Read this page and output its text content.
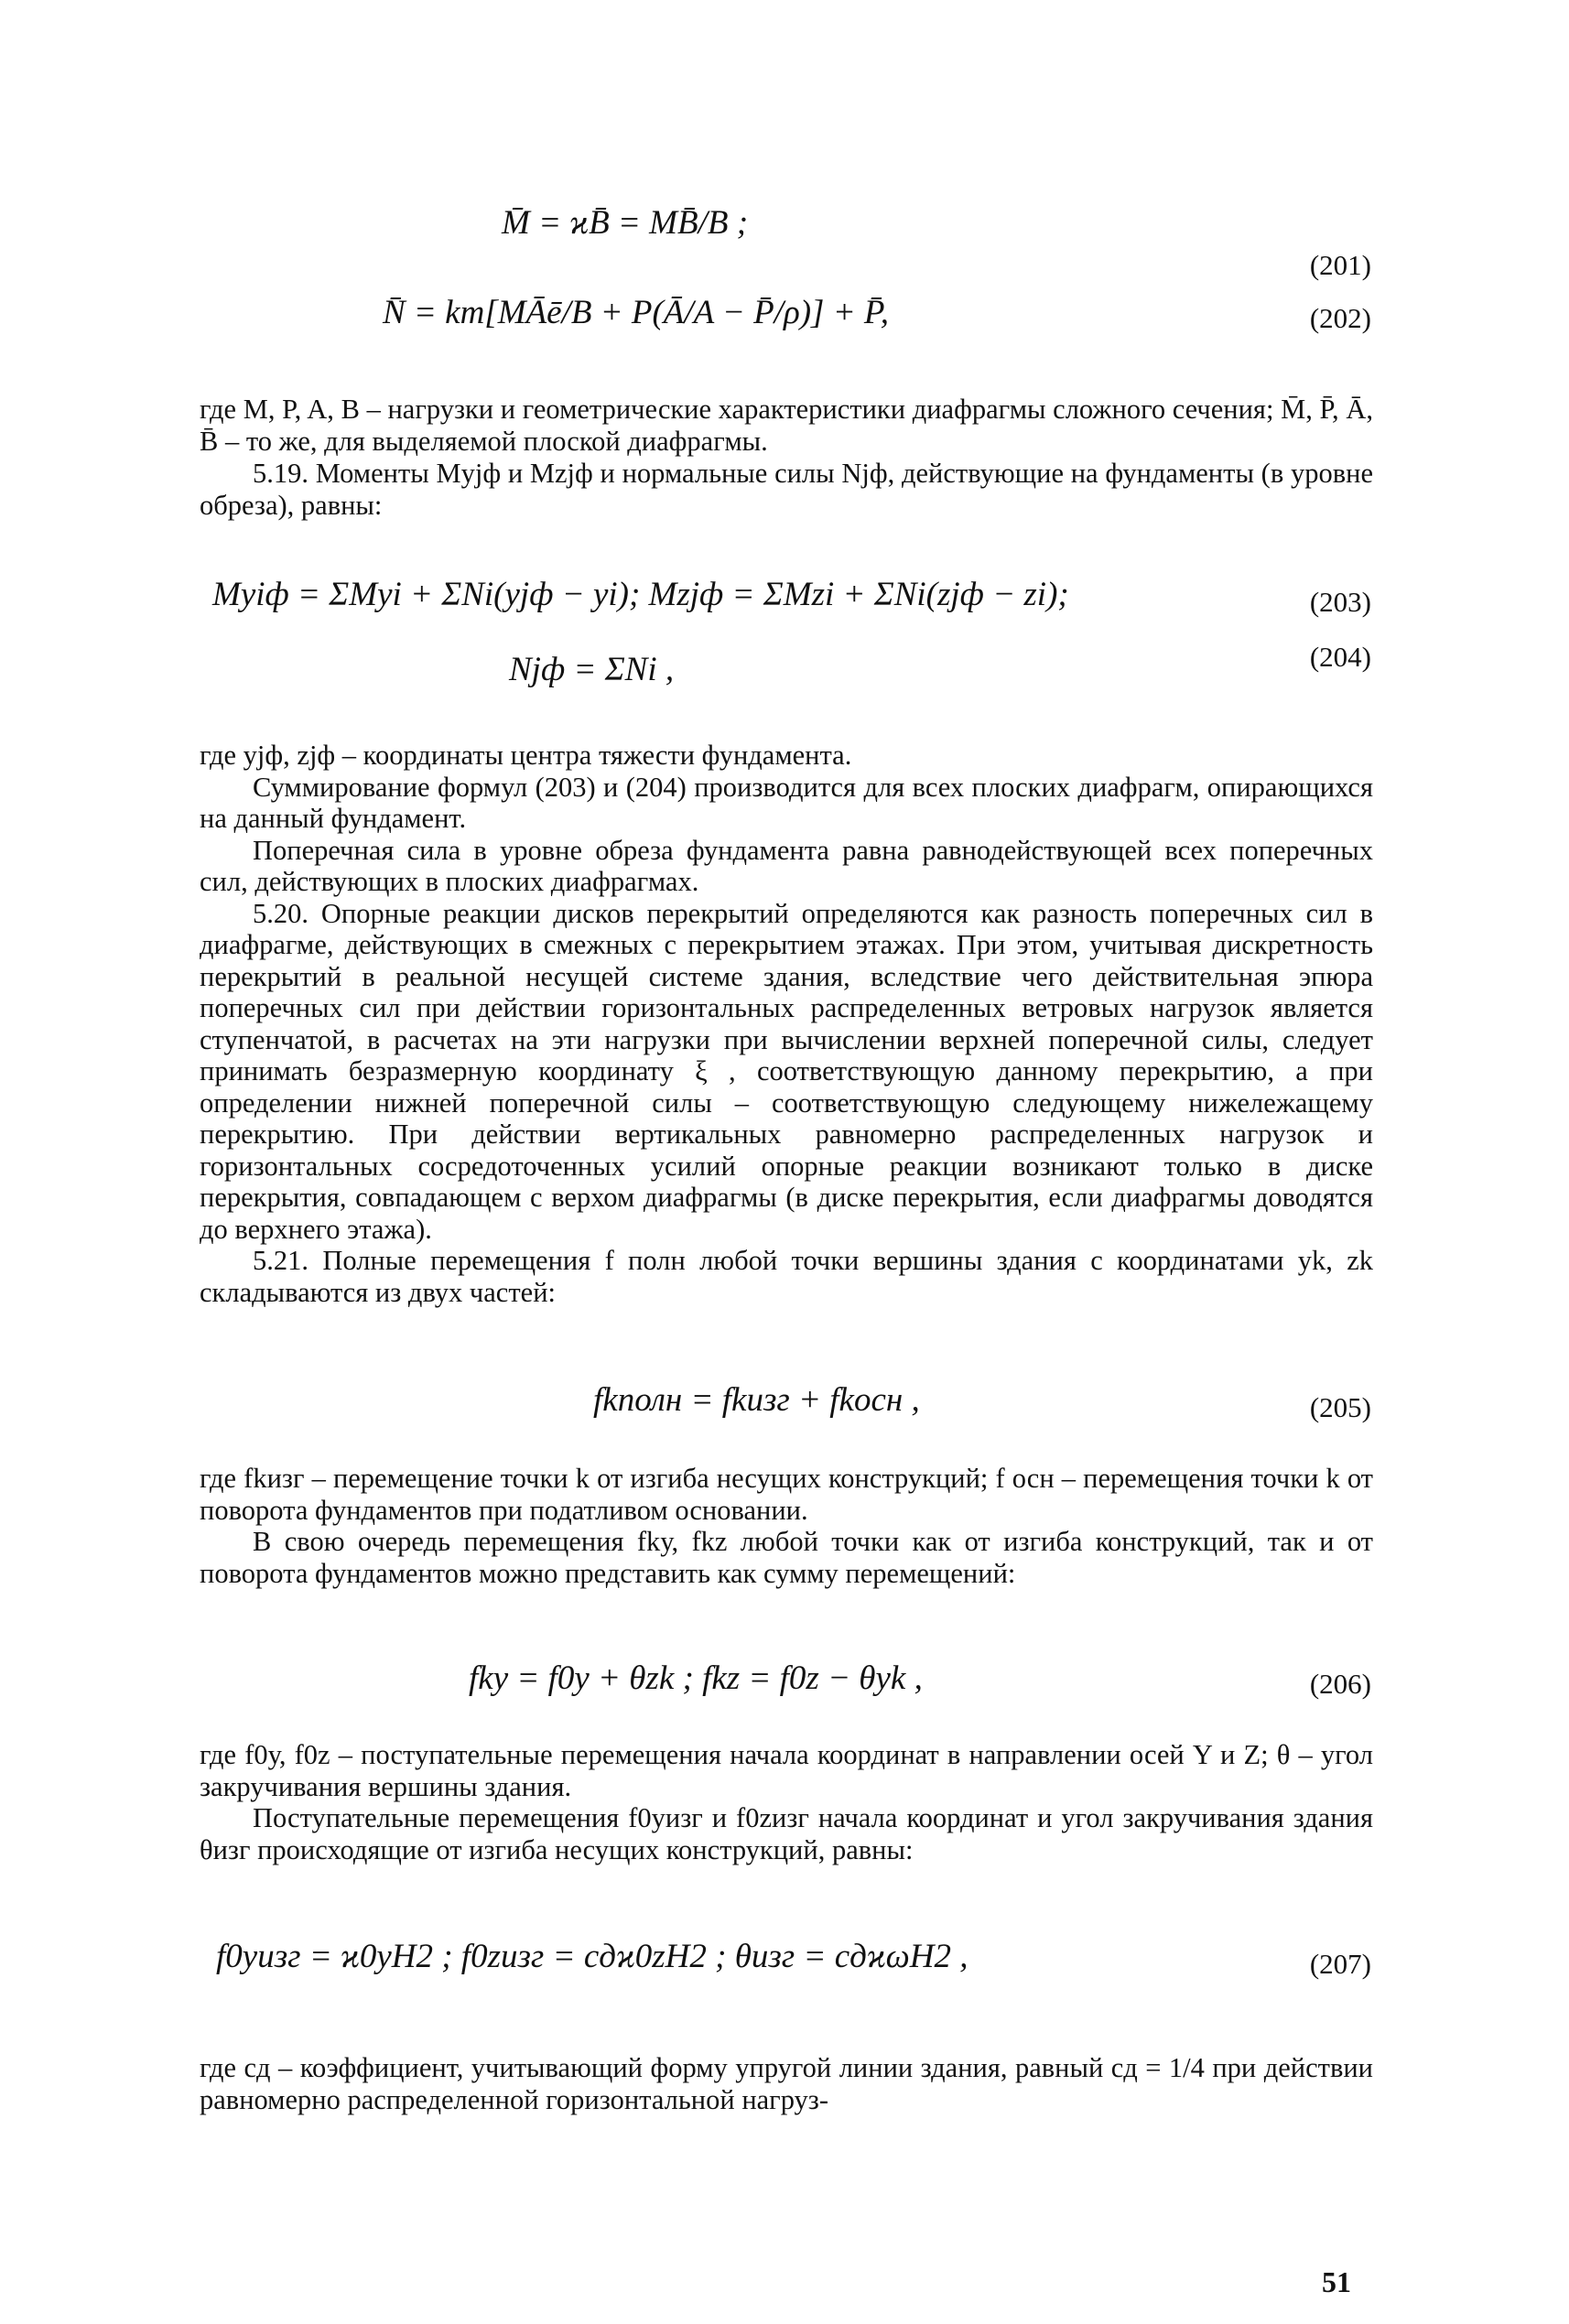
M̄ = ϰB̄ = MB̄/B ;
(201)
N̄ = kт[MĀē/B + P(Ā/A − P̄/ρ)] + P̄,	(202)

где M, P, A, B – нагрузки и геометрические характеристики диафрагмы сложного сечения; M̄, P̄, Ā, B̄ – то же, для выделяемой плоской диафрагмы.

5.19. Моменты Mуjф и Mzjф и нормальные силы Njф, действующие на фундаменты (в уровне обреза), равны:

Mуiф = ΣMуi + ΣNi(уjф − уi); Mzjф = ΣMzi + ΣNi(zjф − zi);	(203)
Njф = ΣNi ,	(204)

где уjф, zjф – координаты центра тяжести фундамента.

Суммирование формул (203) и (204) производится для всех плоских диафрагм, опирающихся на данный фундамент.

Поперечная сила в уровне обреза фундамента равна равнодействующей всех поперечных сил, действующих в плоских диафрагмах.

5.20. Опорные реакции дисков перекрытий определяются как разность поперечных сил в диафрагме, действующих в смежных с перекрытием этажах. При этом, учитывая дискретность перекрытий в реальной несущей системе здания, вследствие чего действительная эпюра поперечных сил при действии горизонтальных распределенных ветровых нагрузок является ступенчатой, в расчетах на эти нагрузки при вычислении верхней поперечной силы, следует принимать безразмерную координату ξ , соответствующую данному перекрытию, а при определении нижней поперечной силы – соответствующую следующему нижележащему перекрытию. При действии вертикальных равномерно распределенных нагрузок и горизонтальных сосредоточенных усилий опорные реакции возникают только в диске перекрытия, совпадающем с верхом диафрагмы (в диске перекрытия, если диафрагмы доводятся до верхнего этажа).

5.21. Полные перемещения f полн любой точки вершины здания с координатами уk, zk складываются из двух частей:

fkполн = fkизг + fkосн ,	(205)

где fkизг – перемещение точки k от изгиба несущих конструкций; f осн – перемещения точки k от поворота фундаментов при податливом основании.

В свою очередь перемещения fkу, fkz любой точки как от изгиба конструкций, так и от поворота фундаментов можно представить как сумму перемещений:

fkу = f0у + θzk ; fkz = f0z − θуk ,	(206)

где f0у, f0z – поступательные перемещения начала координат в направлении осей Y и Z; θ – угол закручивания вершины здания.

Поступательные перемещения f0уизг и f0zизг начала координат и угол закручивания здания θизг происходящие от изгиба несущих конструкций, равны:

f0уизг = ϰ0уH2 ; f0zизг = cдϰ0zH2 ; θизг = cдϰωH2 ,	(207)

где cд – коэффициент, учитывающий форму упругой линии здания, равный cд = 1/4 при действии равномерно распределенной горизонтальной нагруз-

51
